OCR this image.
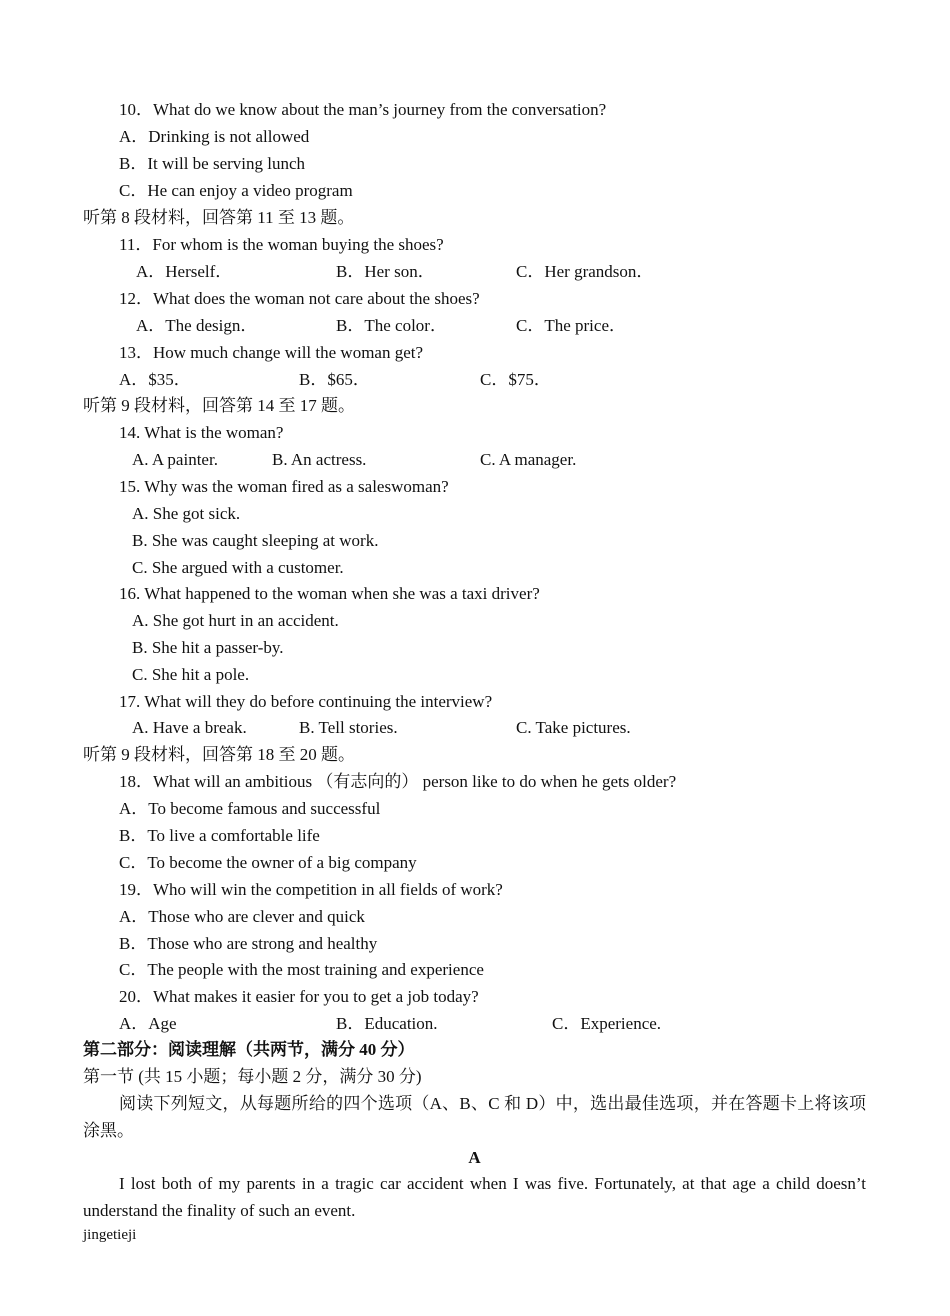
10．What do we know about the man’s journey from the conversation?
A．Drinking is not allowed
B．It will be serving lunch
C．He can enjoy a video program
听第 8 段材料，回答第 11 至 13 题。
11．For whom is the woman buying the shoes?
A．Herself．	B．Her son．	C．Her grandson．
12．What does the woman not care about the shoes?
A．The design．	B．The color．	C．The price．
13．How much change will the woman get?
A．$35．	B．$65．	C．$75．
听第 9 段材料，回答第 14 至 17 题。
14. What is the woman?
A. A painter.	B. An actress.	C. A manager.
15. Why was the woman fired as a saleswoman?
A. She got sick.
B. She was caught sleeping at work.
C. She argued with a customer.
16. What happened to the woman when she was a taxi driver?
A. She got hurt in an accident.
B. She hit a passer-by.
C. She hit a pole.
17. What will they do before continuing the interview?
A. Have a break.	B. Tell stories.	C. Take pictures.
听第 9 段材料，回答第 18 至 20 题。
18．What will an ambitious （有志向的） person like to do when he gets older?
A．To become famous and successful
B．To live a comfortable life
C．To become the owner of a big company
19．Who will win the competition in all fields of work?
A．Those who are clever and quick
B．Those who are strong and healthy
C．The people with the most training and experience
20．What makes it easier for you to get a job today?
A．Age	B．Education.	C．Experience.
第二部分：阅读理解（共两节，满分 40 分）
第一节 (共 15 小题；每小题 2 分，满分 30 分)
阅读下列短文，从每题所给的四个选项（A、B、C 和 D）中，选出最佳选项，并在答题卡上将该项涂黑。
A
I lost both of my parents in a tragic car accident when I was five. Fortunately, at that age a child doesn’t understand the finality of such an event.
jingetieji
